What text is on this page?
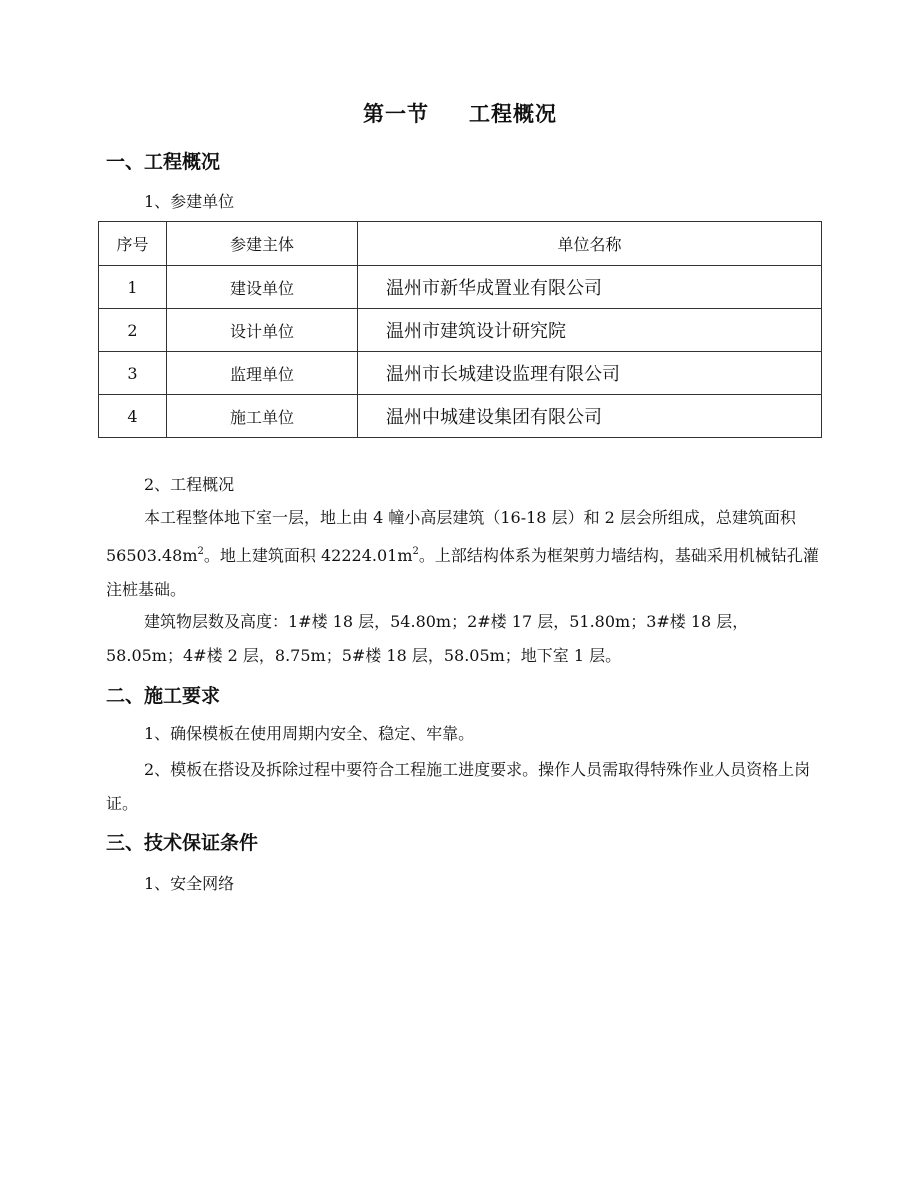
第一节 工程概况
一、工程概况
1、参建单位
序号	参建主体	单位名称
1	建设单位	温州市新华成置业有限公司
2	设计单位	温州市建筑设计研究院
3	监理单位	温州市长城建设监理有限公司
4	施工单位	温州中城建设集团有限公司
2、工程概况
本工程整体地下室一层，地上由 4 幢小高层建筑（16-18 层）和 2 层会所组成，总建筑面积 $56503.48m^2$。地上建筑面积 $42224.01m^2$。上部结构体系为框架剪力墙结构，基础采用机械钻孔灌注桩基础。
建筑物层数及高度：1#楼 18 层，54.80m；2#楼 17 层，51.80m；3#楼 18 层，58.05m；4#楼 2 层，8.75m；5#楼 18 层，58.05m；地下室 1 层。
二、施工要求
1、确保模板在使用周期内安全、稳定、牢靠。
2、模板在搭设及拆除过程中要符合工程施工进度要求。操作人员需取得特殊作业人员资格上岗证。
三、技术保证条件
1、安全网络
